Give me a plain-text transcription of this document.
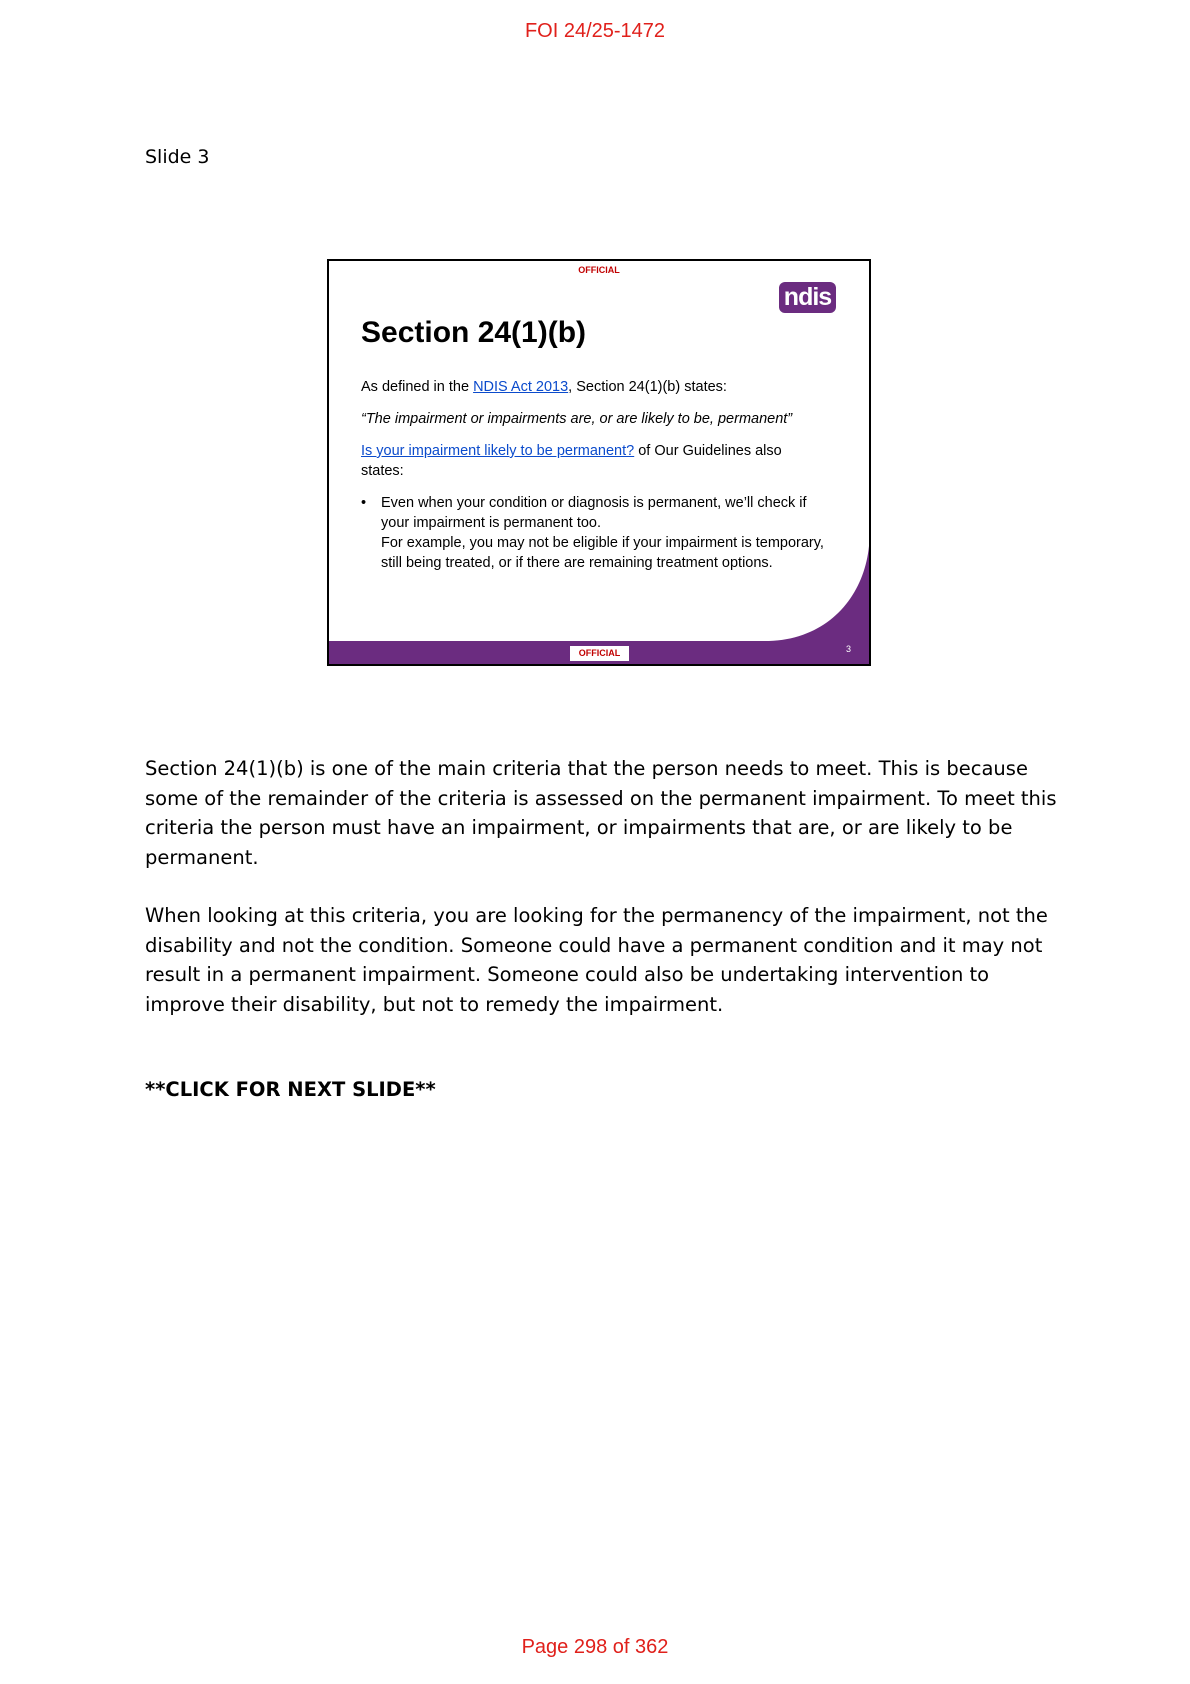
FOI 24/25-1472
Slide 3
OFFICIAL
ndis
Section 24(1)(b)

As defined in the NDIS Act 2013, Section 24(1)(b) states:

“The impairment or impairments are, or are likely to be, permanent”

Is your impairment likely to be permanent? of Our Guidelines also states:

•	Even when your condition or diagnosis is permanent, we’ll check if your impairment is permanent too.
For example, you may not be eligible if your impairment is temporary, still being treated, or if there are remaining treatment options.
OFFICIAL	3

Section 24(1)(b) is one of the main criteria that the person needs to meet. This is because some of the remainder of the criteria is assessed on the permanent impairment. To meet this criteria the person must have an impairment, or impairments that are, or are likely to be permanent.

When looking at this criteria, you are looking for the permanency of the impairment, not the disability and not the condition. Someone could have a permanent condition and it may not result in a permanent impairment. Someone could also be undertaking intervention to improve their disability, but not to remedy the impairment.

**CLICK FOR NEXT SLIDE**
Page 298 of 362
